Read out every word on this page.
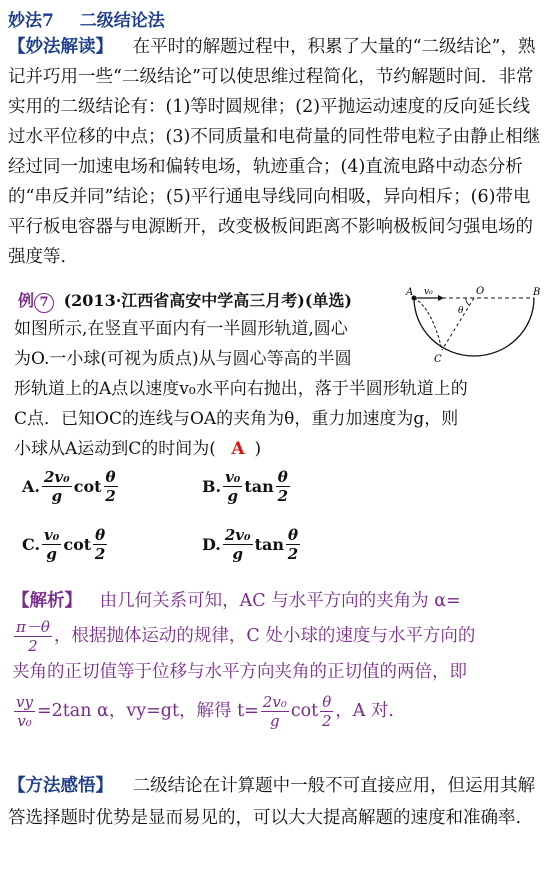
妙法7 二级结论法
【妙法解读】 在平时的解题过程中，积累了大量的“二级结论”，熟记并巧用一些“二级结论”可以使思维过程简化，节约解题时间．非常实用的二级结论有：(1)等时圆规律；(2)平抛运动速度的反向延长线过水平位移的中点；(3)不同质量和电荷量的同性带电粒子由静止相继经过同一加速电场和偏转电场，轨迹重合；(4)直流电路中动态分析的“串反并同”结论；(5)平行通电导线同向相吸，异向相斥；(6)带电平行板电容器与电源断开，改变极板间距离不影响极板间匀强电场的强度等．
例 7 (2013·江西省高安中学高三月考)(单选)	A v₀	O	B
θ
C
如图所示,在竖直平面内有一半圆形轨道,圆心
为O.一小球(可视为质点)从与圆心等高的半圆
形轨道上的A点以速度v₀水平向右抛出，落于半圆形轨道上的
C点．已知OC的连线与OA的夹角为θ，重力加速度为g，则
小球从A运动到C的时间为( A )
A. $\frac{\text{2v₀}}{g}$ $\cot \frac{\theta}{2}$	B. $\frac{\text{v₀}}{g}$ $\tan \frac{\theta}{2}$
C. $\frac{\text{v₀}}{g}$ $\cot \frac{\theta}{2}$	D. $\frac{\text{2v₀}}{g}$ $\tan \frac{\theta}{2}$
【解析】 由几何关系可知，AC 与水平方向的夹角为 α=
$\frac{\pi-\theta}{2}$ ，根据抛体运动的规律，C 处小球的速度与水平方向的
夹角的正切值等于位移与水平方向夹角的正切值的两倍，即
$\frac{vy}{\text{v₀}} =2\tan$ α，vy=gt，解得 $t= \frac{\text{2v₀}}{g}$ $\cot \frac{\theta}{2}$ ，A 对.
【方法感悟】 二级结论在计算题中一般不可直接应用，但运用其解答选择题时优势是显而易见的，可以大大提高解题的速度和准确率.
